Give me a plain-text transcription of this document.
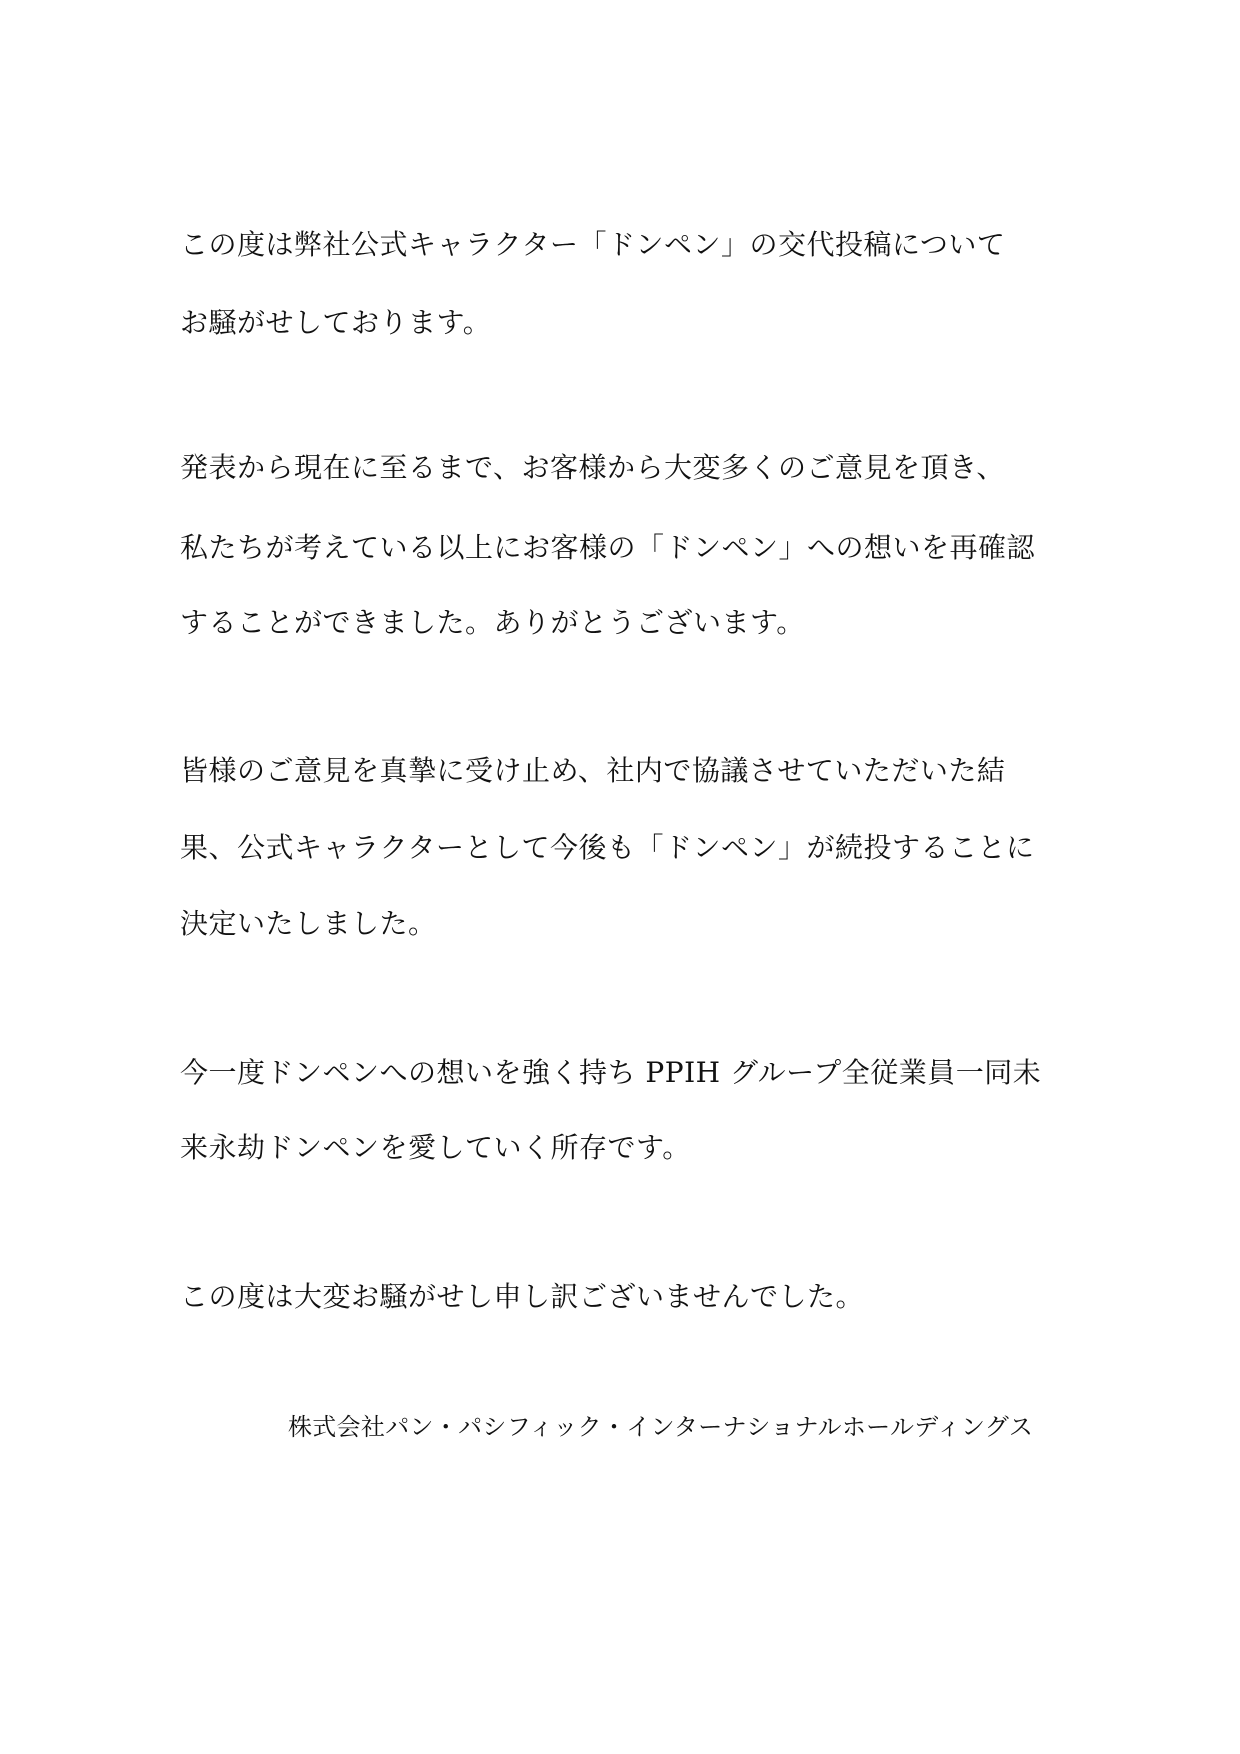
この度は弊社公式キャラクター「ドンペン」の交代投稿について
お騒がせしております。
発表から現在に至るまで、お客様から大変多くのご意見を頂き、
私たちが考えている以上にお客様の「ドンペン」への想いを再確認
することができました。ありがとうございます。
皆様のご意見を真摯に受け止め、社内で協議させていただいた結
果、公式キャラクターとして今後も「ドンペン」が続投することに
決定いたしました。
今一度ドンペンへの想いを強く持ち PPIH グループ全従業員一同未
来永劫ドンペンを愛していく所存です。
この度は大変お騒がせし申し訳ございませんでした。
株式会社パン・パシフィック・インターナショナルホールディングス
